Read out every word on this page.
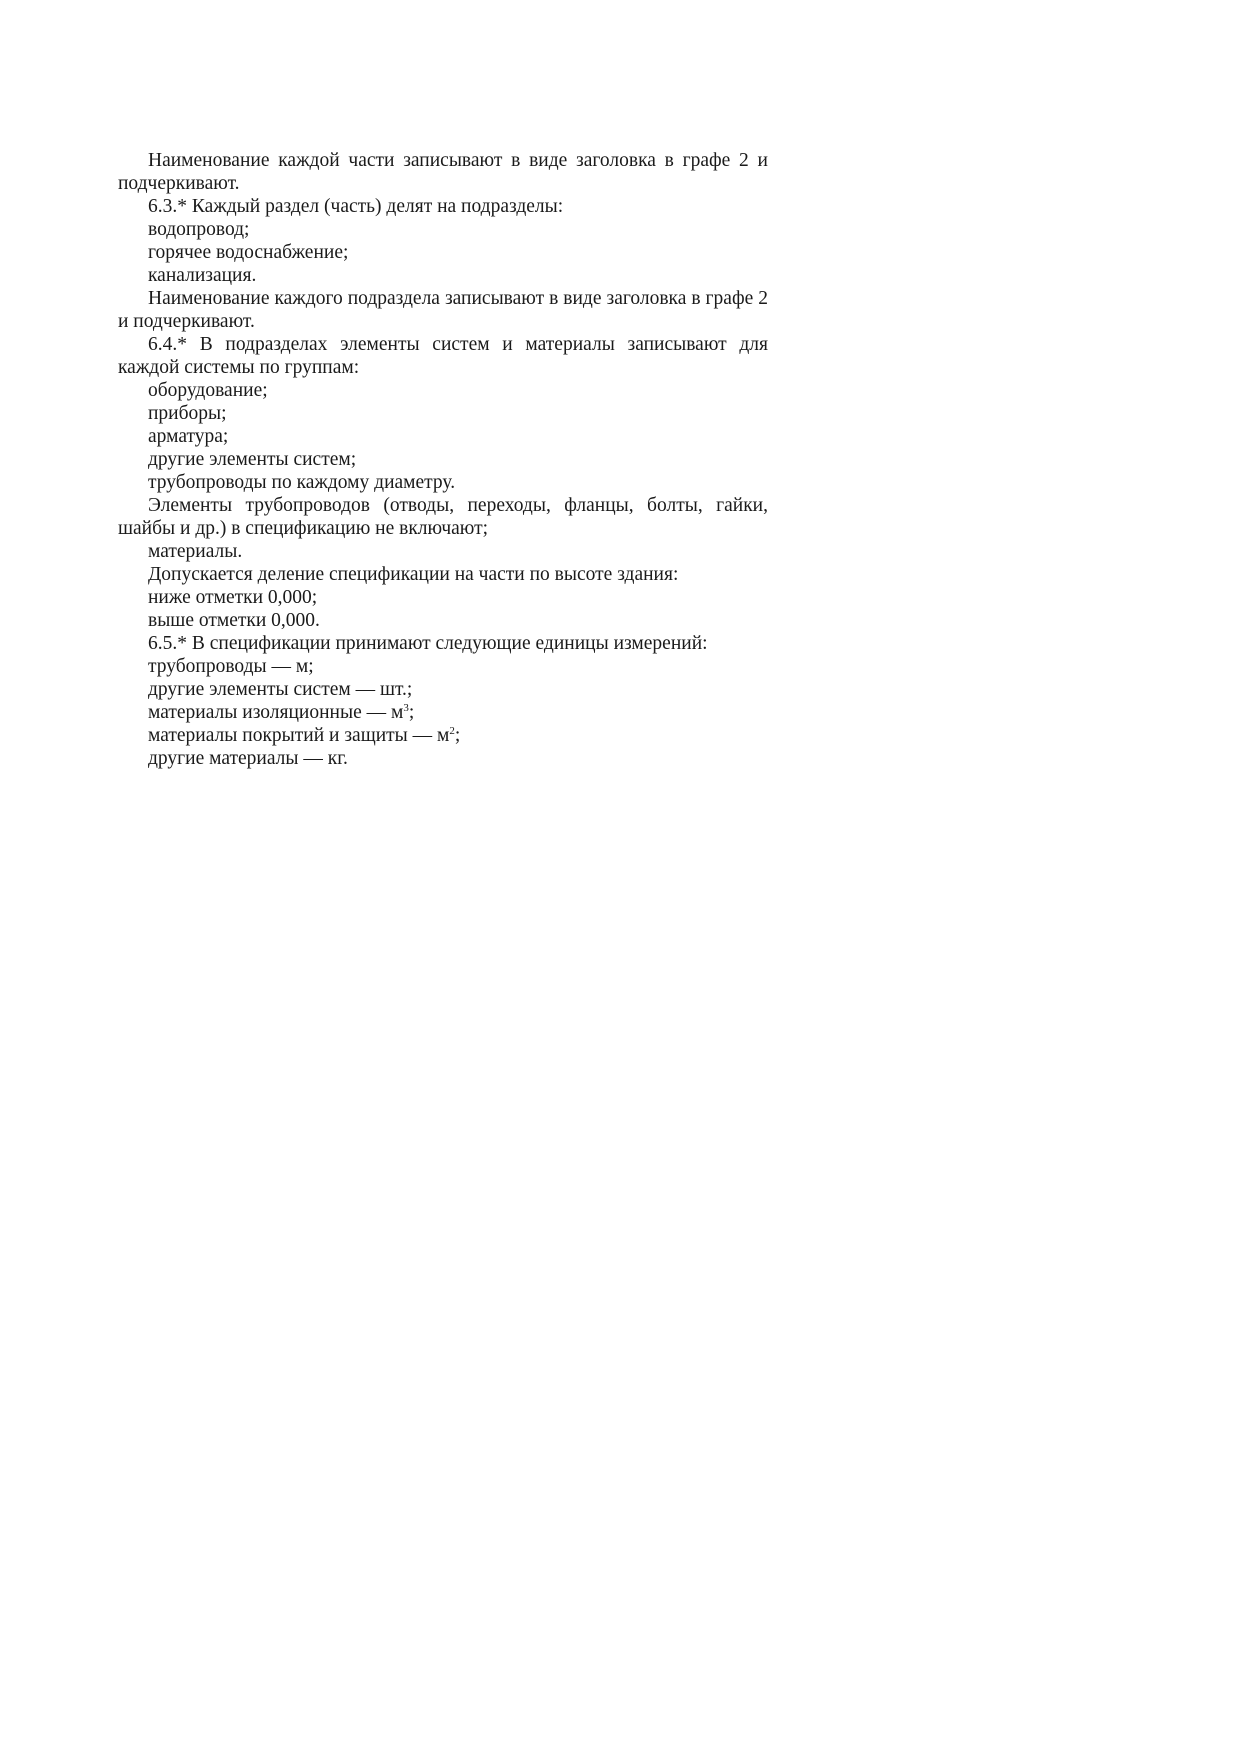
Наименование каждой части записывают в виде заголовка в графе 2 и подчеркивают.

6.3.* Каждый раздел (часть) делят на подразделы:

водопровод;

горячее водоснабжение;

канализация.

Наименование каждого подраздела записывают в виде заголовка в графе 2 и подчеркивают.

6.4.* В подразделах элементы систем и материалы записывают для каждой системы по группам:

оборудование;

приборы;

арматура;

другие элементы систем;

трубопроводы по каждому диаметру.

Элементы трубопроводов (отводы, переходы, фланцы, болты, гайки, шайбы и др.) в спецификацию не включают;

материалы.

Допускается деление спецификации на части по высоте здания:

ниже отметки 0,000;

выше отметки 0,000.

6.5.* В спецификации принимают следующие единицы измерений:

трубопроводы — м;

другие элементы систем — шт.;

материалы изоляционные — $м^3$;

материалы покрытий и защиты — $м^2$;

другие материалы — кг.
